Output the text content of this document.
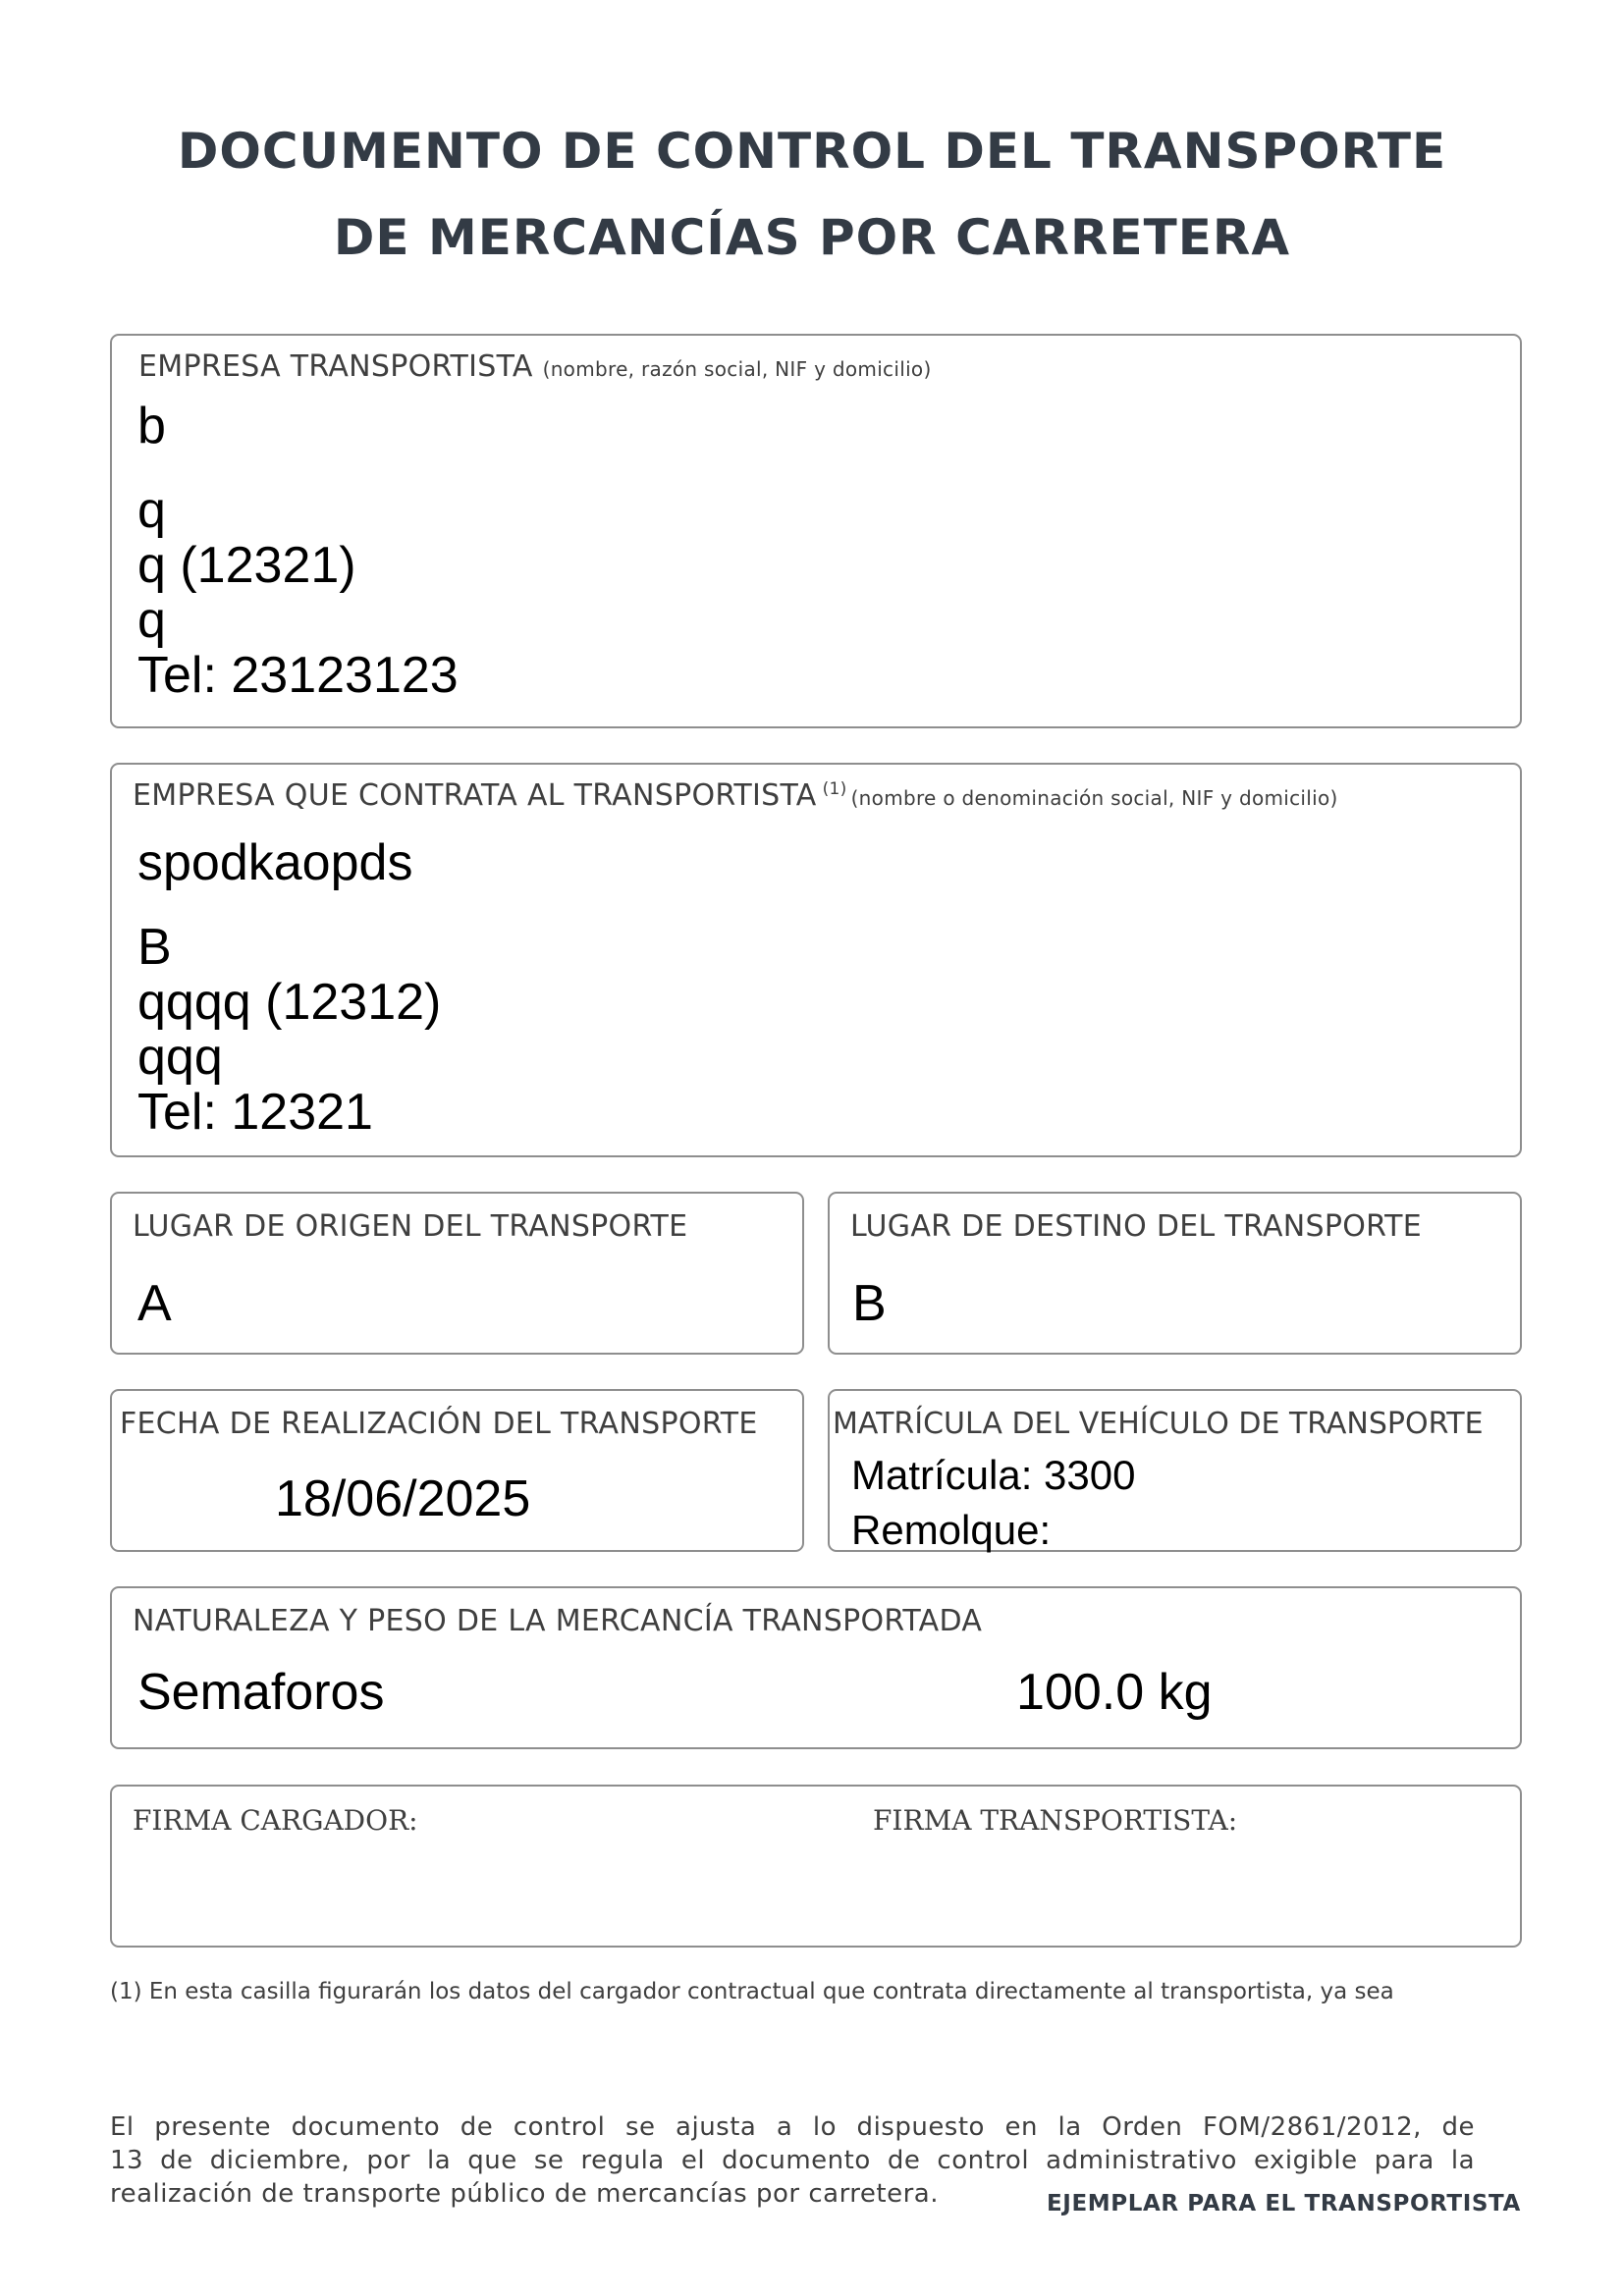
DOCUMENTO DE CONTROL DEL TRANSPORTE
DE MERCANCÍAS POR CARRETERA
EMPRESA TRANSPORTISTA (nombre, razón social, NIF y domicilio)
b
q
q (12321)
q
Tel: 23123123
EMPRESA QUE CONTRATA AL TRANSPORTISTA $^{(1)}$ (nombre o denominación social, NIF y domicilio)
spodkaopds
B
qqqq (12312)
qqq
Tel: 12321
LUGAR DE ORIGEN DEL TRANSPORTE
A
LUGAR DE DESTINO DEL TRANSPORTE
B
FECHA DE REALIZACIÓN DEL TRANSPORTE
18/06/2025
MATRÍCULA DEL VEHÍCULO DE TRANSPORTE
Matrícula: 3300
Remolque:
NATURALEZA Y PESO DE LA MERCANCÍA TRANSPORTADA
Semaforos	100.0 kg
FIRMA CARGADOR:	FIRMA TRANSPORTISTA:
(1) En esta casilla figurarán los datos del cargador contractual que contrata directamente al transportista, ya sea
El presente documento de control se ajusta a lo dispuesto en la Orden FOM/2861/2012, de
13 de diciembre, por la que se regula el documento de control administrativo exigible para la
realización de transporte público de mercancías por carretera.	EJEMPLAR PARA EL TRANSPORTISTA
